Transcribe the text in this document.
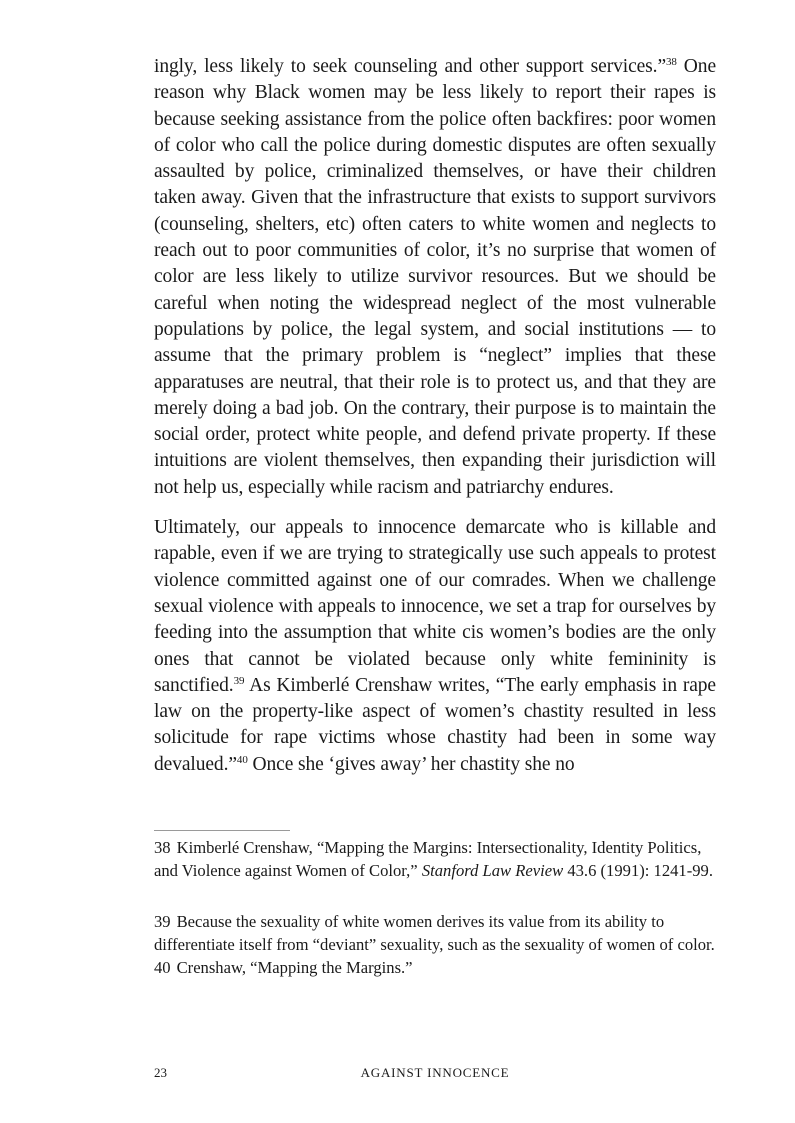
ingly, less likely to seek counseling and other support services.”$^{38}$ One reason why Black women may be less likely to report their rapes is because seeking assistance from the police often backfires: poor women of color who call the police during domestic disputes are often sexually assaulted by police, criminalized themselves, or have their children taken away. Given that the infrastructure that exists to support survivors (counseling, shelters, etc) often caters to white women and neglects to reach out to poor communities of color, it’s no surprise that women of color are less likely to utilize survivor resources. But we should be careful when noting the widespread neglect of the most vulnerable populations by police, the legal system, and social institutions — to assume that the primary problem is “neglect” implies that these apparatuses are neutral, that their role is to protect us, and that they are merely doing a bad job. On the contrary, their purpose is to maintain the social order, protect white people, and defend private property. If these intuitions are violent themselves, then expanding their jurisdiction will not help us, especially while racism and patriarchy endures.

Ultimately, our appeals to innocence demarcate who is killable and rapable, even if we are trying to strategically use such appeals to protest violence committed against one of our comrades. When we challenge sexual violence with appeals to innocence, we set a trap for ourselves by feeding into the assumption that white cis women’s bodies are the only ones that cannot be violated because only white femininity is sanctified.$^{39}$ As Kimberlé Crenshaw writes, “The early emphasis in rape law on the property-like aspect of women’s chastity resulted in less solicitude for rape victims whose chastity had been in some way devalued.”$^{40}$ Once she ‘gives away’ her chastity she no

38 Kimberlé Crenshaw, “Mapping the Margins: Intersectionality, Identity Politics, and Violence against Women of Color,” Stanford Law Review 43.6 (1991): 1241-99.

39 Because the sexuality of white women derives its value from its ability to differentiate itself from “deviant” sexuality, such as the sexuality of women of color.

40 Crenshaw, “Mapping the Margins.”

23	AGAINST INNOCENCE
